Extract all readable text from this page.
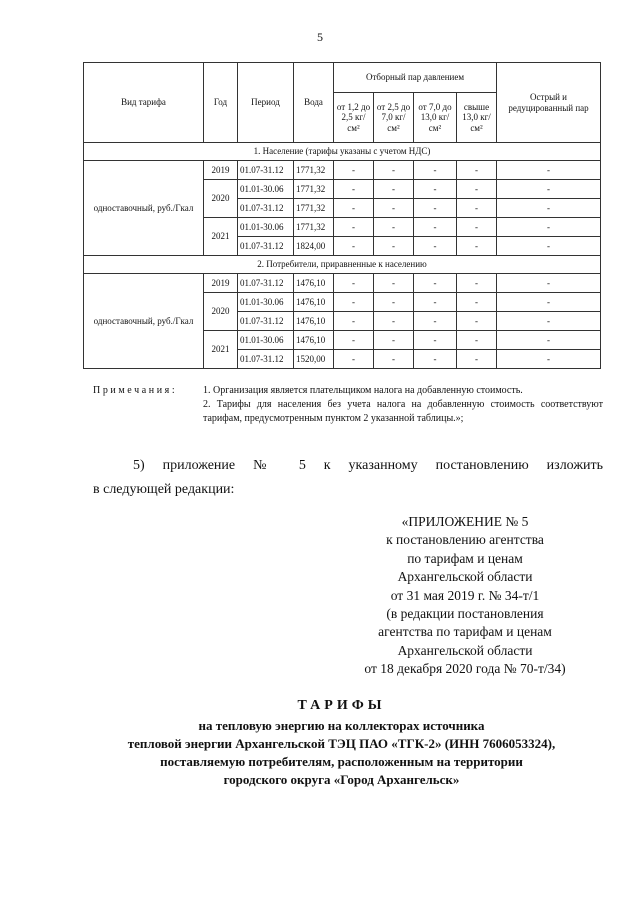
5
Вид тарифа	Год	Период	Вода	Отборный пар давлением				Острый и редуцированный пар
				от 1,2 до 2,5 кг/см²	от 2,5 до 7,0 кг/см²	от 7,0 до 13,0 кг/см²	свыше 13,0 кг/см²	
1. Население (тарифы указаны с учетом НДС)								
одноставочный, руб./Гкал	2019	01.07-31.12	1771,32	-	-	-	-	-
	2020	01.01-30.06	1771,32	-	-	-	-	-
		01.07-31.12	1771,32	-	-	-	-	-
	2021	01.01-30.06	1771,32	-	-	-	-	-
		01.07-31.12	1824,00	-	-	-	-	-
2. Потребители, приравненные к населению								
одноставочный, руб./Гкал	2019	01.07-31.12	1476,10	-	-	-	-	-
	2020	01.01-30.06	1476,10	-	-	-	-	-
		01.07-31.12	1476,10	-	-	-	-	-
	2021	01.01-30.06	1476,10	-	-	-	-	-
		01.07-31.12	1520,00	-	-	-	-	-
Примечания:	1. Организация является плательщиком налога на добавленную стоимость.
2. Тарифы для населения без учета налога на добавленную стоимость соответствуют тарифам, предусмотренным пунктом 2 указанной таблицы.»;
5) приложение № 5 к указанному постановлению изложить
в следующей редакции:
«ПРИЛОЖЕНИЕ № 5
к постановлению агентства
по тарифам и ценам
Архангельской области
от 31 мая 2019 г. № 34-т/1
(в редакции постановления
агентства по тарифам и ценам
Архангельской области
от 18 декабря 2020 года № 70-т/34)
ТАРИФЫ
на тепловую энергию на коллекторах источника
тепловой энергии Архангельской ТЭЦ ПАО «ТГК-2» (ИНН 7606053324),
поставляемую потребителям, расположенным на территории
городского округа «Город Архангельск»
